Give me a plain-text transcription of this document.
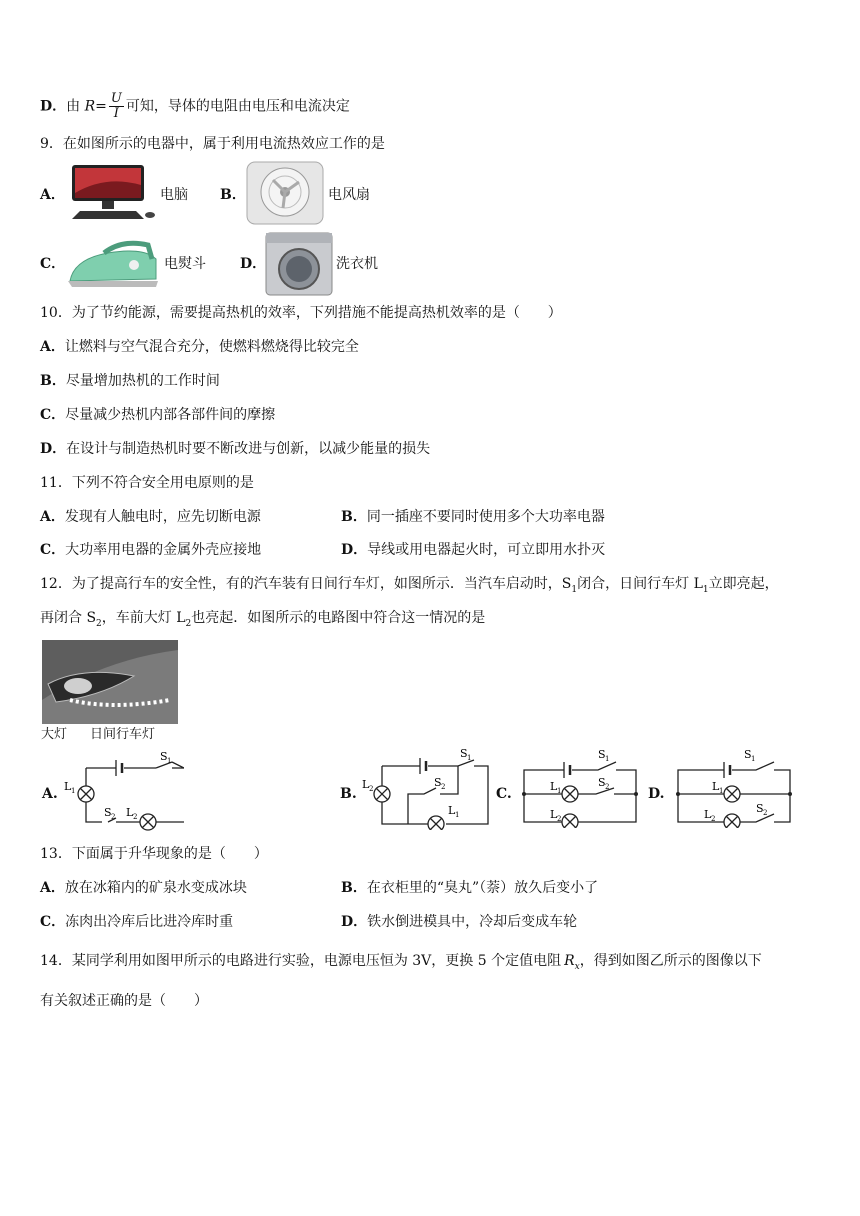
D．由 $R= \frac{U}{I}$ 可知，导体的电阻由电压和电流决定
9．在如图所示的电器中，属于利用电流热效应工作的是
A．	电脑 B．	电风扇
C．	电熨斗 D．	洗衣机
10．为了节约能源，需要提高热机的效率，下列措施不能提高热机效率的是（　　）
A．让燃料与空气混合充分，使燃料燃烧得比较完全
B．尽量增加热机的工作时间
C．尽量减少热机内部各部件间的摩擦
D．在设计与制造热机时要不断改进与创新，以减少能量的损失
11．下列不符合安全用电原则的是
A．发现有人触电时，应先切断电源	B．同一插座不要同时使用多个大功率电器
C．大功率用电器的金属外壳应接地	D．导线或用电器起火时，可立即用水扑灭
12．为了提高行车的安全性，有的汽车装有日间行车灯，如图所示．当汽车启动时，$S_1$闭合，日间行车灯 $L_1$立即亮起，
再闭合 $S_2$，车前大灯 $L_2$也亮起．如图所示的电路图中符合这一情况的是
大灯 日间行车灯
A. L 1
S 1
S 2 L 2
B.
L 2
S 1
S 2
L 1
C.
S 1
L 1
S 2
L 2
D.
S 1
L 1
S 2
L 2
13．下面属于升华现象的是（　　）
A．放在冰箱内的矿泉水变成冰块	B．在衣柜里的“臭丸”（萘）放久后变小了
C．冻肉出冷库后比进冷库时重	D．铁水倒进模具中，冷却后变成车轮
14．某同学利用如图甲所示的电路进行实验，电源电压恒为 3V，更换 5 个定值电阻 $R_x$，得到如图乙所示的图像以下
有关叙述正确的是（　　）
